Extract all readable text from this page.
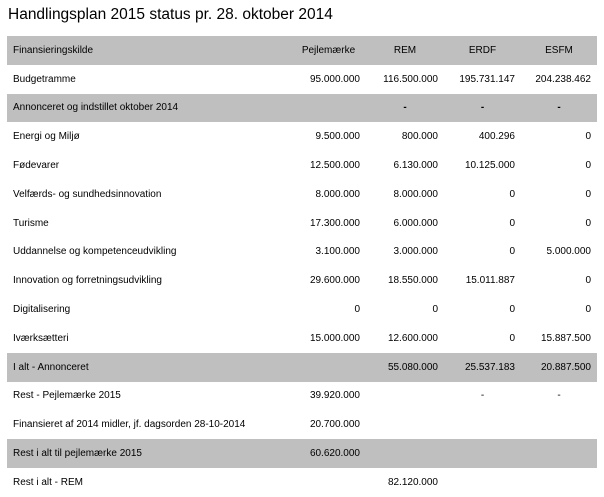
Handlingsplan 2015 status pr. 28. oktober 2014
Finansieringskilde	Pejlemærke	REM	ERDF	ESFM
Budgetramme	95.000.000	116.500.000	195.731.147	204.238.462
Annonceret og indstillet oktober 2014		-	-	-
Energi og Miljø	9.500.000	800.000	400.296	0
Fødevarer	12.500.000	6.130.000	10.125.000	0
Velfærds- og sundhedsinnovation	8.000.000	8.000.000	0	0
Turisme	17.300.000	6.000.000	0	0
Uddannelse og kompetenceudvikling	3.100.000	3.000.000	0	5.000.000
Innovation og forretningsudvikling	29.600.000	18.550.000	15.011.887	0
Digitalisering	0	0	0	0
Iværksætteri	15.000.000	12.600.000	0	15.887.500
I alt - Annonceret		55.080.000	25.537.183	20.887.500
Rest - Pejlemærke 2015	39.920.000		-	-
Finansieret af 2014 midler, jf. dagsorden 28-10-2014	20.700.000			
Rest i alt til pejlemærke 2015	60.620.000			
Rest i alt - REM		82.120.000		
